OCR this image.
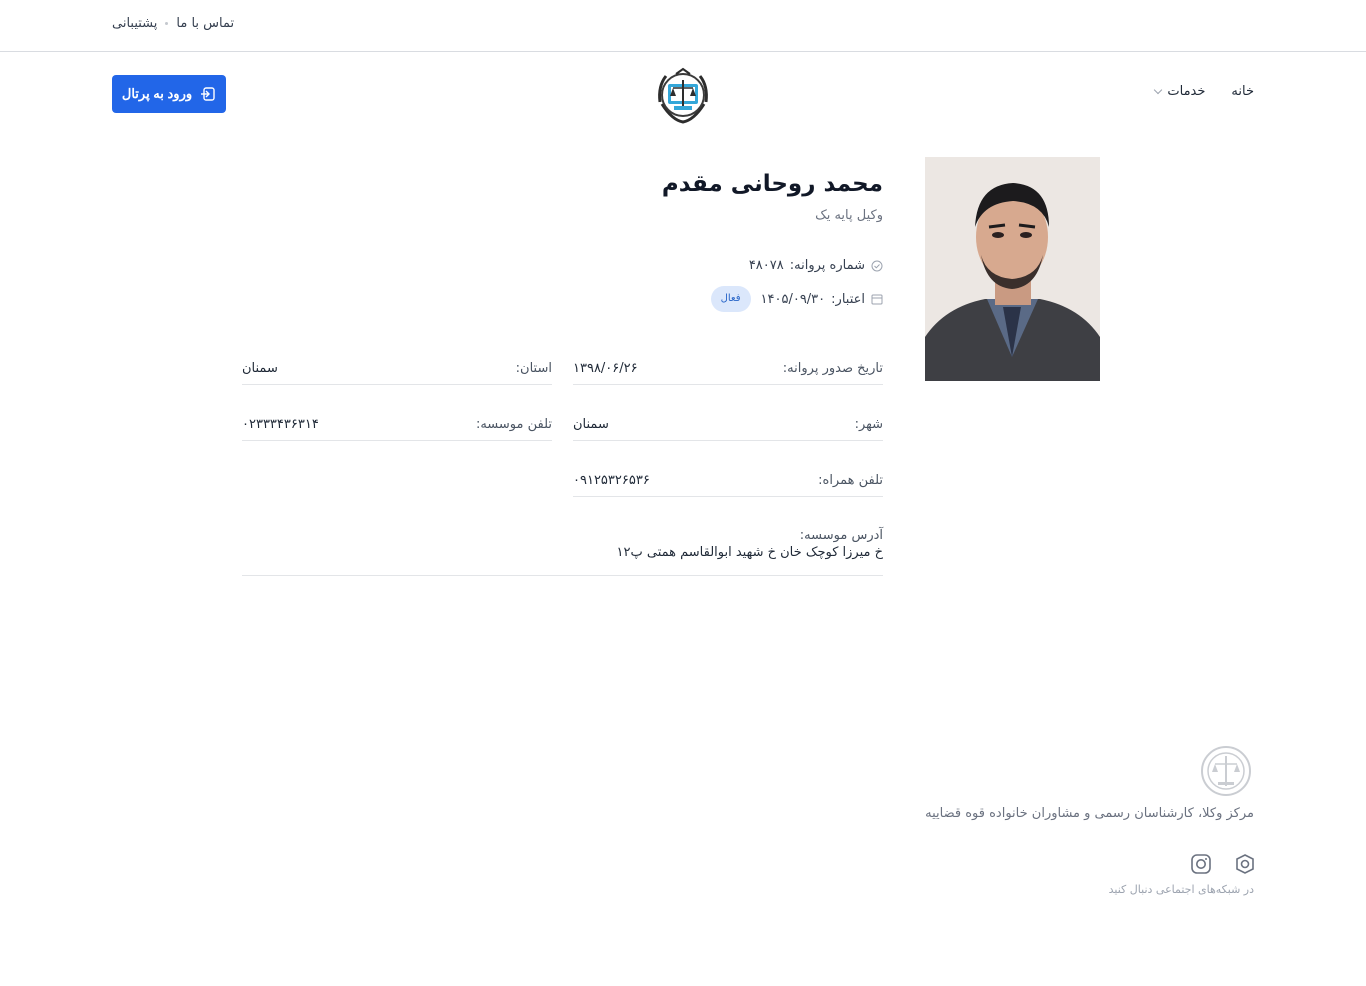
پشتیبانی تماس با ما
خانه
خدمات
ورود به پرتال
محمد روحانی مقدم
وکیل پایه یک
شماره پروانه:
۴۸۰۷۸
اعتبار:
۱۴۰۵/۰۹/۳۰
فعال
تاریخ صدور پروانه:
۱۳۹۸/۰۶/۲۶
استان:
سمنان
شهر:
سمنان
تلفن موسسه:
۰۲۳۳۳۴۳۶۳۱۴
تلفن همراه:
۰۹۱۲۵۳۲۶۵۳۶
آدرس موسسه:
خ میرزا کوچک خان خ شهید ابوالقاسم همتی پ۱۲
مرکز وکلا، کارشناسان رسمی و مشاوران خانواده قوه قضاییه
در شبکه‌های اجتماعی دنبال کنید
